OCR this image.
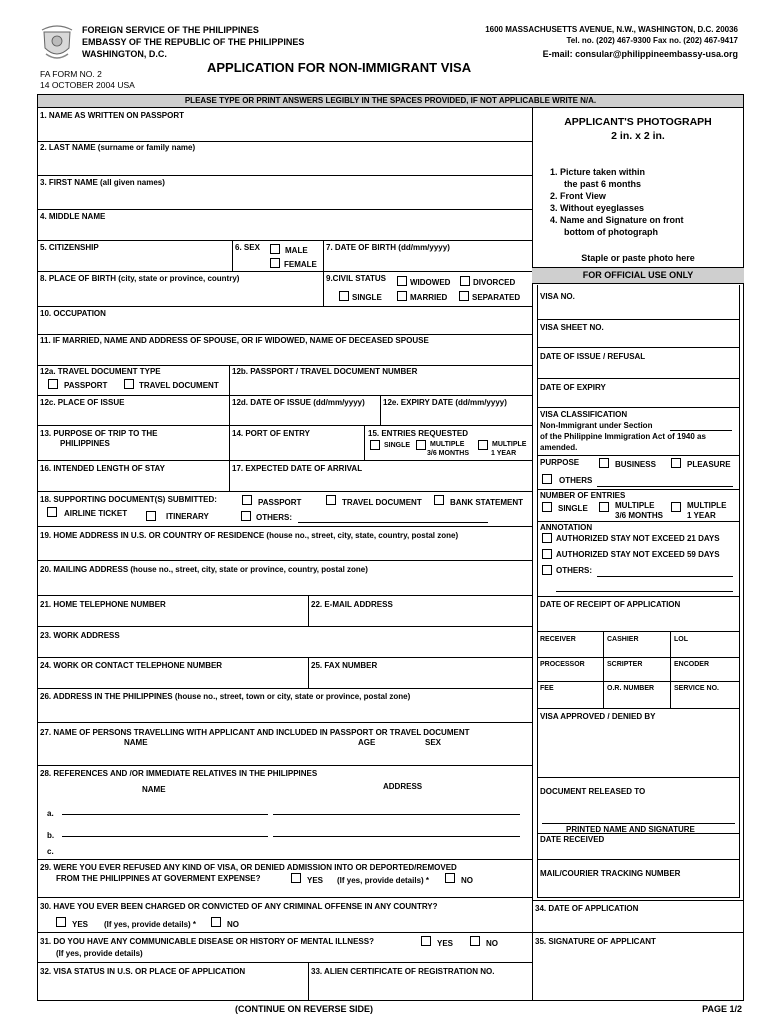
FOREIGN SERVICE OF THE PHILIPPINES
EMBASSY OF THE REPUBLIC OF THE PHILIPPINES
WASHINGTON, D.C.
1600 MASSACHUSETTS AVENUE, N.W., WASHINGTON, D.C. 20036
Tel. no. (202) 467-9300 Fax no. (202) 467-9417
E-mail: consular@philippineembassy-usa.org
FA FORM NO. 2
14 OCTOBER 2004 USA
APPLICATION FOR NON-IMMIGRANT VISA
PLEASE TYPE OR PRINT ANSWERS LEGIBLY IN THE SPACES PROVIDED, IF NOT APPLICABLE WRITE N/A.
1. NAME AS WRITTEN ON PASSPORT
2. LAST NAME (surname or family name)
3. FIRST NAME (all given names)
4. MIDDLE NAME
5. CITIZENSHIP	6. SEX	MALE
FEMALE
7. DATE OF BIRTH (dd/mm/yyyy)
8. PLACE OF BIRTH (city, state or province, country)	9.CIVIL STATUS	WIDOWED	DIVORCED
SINGLE	MARRIED	SEPARATED
10. OCCUPATION
11. IF MARRIED, NAME AND ADDRESS OF SPOUSE, OR IF WIDOWED, NAME OF DECEASED SPOUSE
12a. TRAVEL DOCUMENT TYPE
PASSPORT	TRAVEL DOCUMENT
12b. PASSPORT / TRAVEL DOCUMENT NUMBER
12c. PLACE OF ISSUE	12d. DATE OF ISSUE (dd/mm/yyyy) 12e. EXPIRY DATE (dd/mm/yyyy)
13. PURPOSE OF TRIP TO THE
PHILIPPINES
14. PORT OF ENTRY	15. ENTRIES REQUESTED
SINGLE	MULTIPLE
3/6 MONTHS
MULTIPLE
1 YEAR
16. INTENDED LENGTH OF STAY	17. EXPECTED DATE OF ARRIVAL
18. SUPPORTING DOCUMENT(S) SUBMITTED:	PASSPORT	TRAVEL DOCUMENT	BANK STATEMENT
AIRLINE TICKET	ITINERARY	OTHERS:
19. HOME ADDRESS IN U.S. OR COUNTRY OF RESIDENCE (house no., street, city, state, country, postal zone)
20. MAILING ADDRESS (house no., street, city, state or province, country, postal zone)
21. HOME TELEPHONE NUMBER	22. E-MAIL ADDRESS
23. WORK ADDRESS
24. WORK OR CONTACT TELEPHONE NUMBER	25. FAX NUMBER
26. ADDRESS IN THE PHILIPPINES (house no., street, town or city, state or province, postal zone)
27. NAME OF PERSONS TRAVELLING WITH APPLICANT AND INCLUDED IN PASSPORT OR TRAVEL DOCUMENT
NAME	AGE	SEX
28. REFERENCES AND /OR IMMEDIATE RELATIVES IN THE PHILIPPINES
NAME	ADDRESS
a.
b.
c.
29. WERE YOU EVER REFUSED ANY KIND OF VISA, OR DENIED ADMISSION INTO OR DEPORTED/REMOVED
FROM THE PHILIPPINES AT GOVERMENT EXPENSE?	YES (If yes, provide details) *	NO
30. HAVE YOU EVER BEEN CHARGED OR CONVICTED OF ANY CRIMINAL OFFENSE IN ANY COUNTRY?
YES (If yes, provide details) *	NO
31. DO YOU HAVE ANY COMMUNICABLE DISEASE OR HISTORY OF MENTAL ILLNESS?	YES	NO
(If yes, provide details)
32. VISA STATUS IN U.S. OR PLACE OF APPLICATION	33. ALIEN CERTIFICATE OF REGISTRATION NO.
APPLICANT'S PHOTOGRAPH
2 in. x 2 in.
1. Picture taken within
the past 6 months
2. Front View
3. Without eyeglasses
4. Name and Signature on front
bottom of photograph
Staple or paste photo here
FOR OFFICIAL USE ONLY
VISA NO.
VISA SHEET NO.
DATE OF ISSUE / REFUSAL
DATE OF EXPIRY
VISA CLASSIFICATION
Non-Immigrant under Section
of the Philippine Immigration Act of 1940 as
amended.
PURPOSE	BUSINESS	PLEASURE
OTHERS
NUMBER OF ENTRIES
SINGLE	MULTIPLE
3/6 MONTHS
MULTIPLE
1 YEAR
ANNOTATION
AUTHORIZED STAY NOT EXCEED 21 DAYS
AUTHORIZED STAY NOT EXCEED 59 DAYS
OTHERS:
DATE OF RECEIPT OF APPLICATION
RECEIVER	CASHIER	LOL
PROCESSOR	SCRIPTER	ENCODER
FEE	O.R. NUMBER	SERVICE NO.
VISA APPROVED / DENIED BY
DOCUMENT RELEASED TO
PRINTED NAME AND SIGNATURE
DATE RECEIVED
MAIL/COURIER TRACKING NUMBER
34. DATE OF APPLICATION
35. SIGNATURE OF APPLICANT
(CONTINUE ON REVERSE SIDE)	PAGE 1/2
